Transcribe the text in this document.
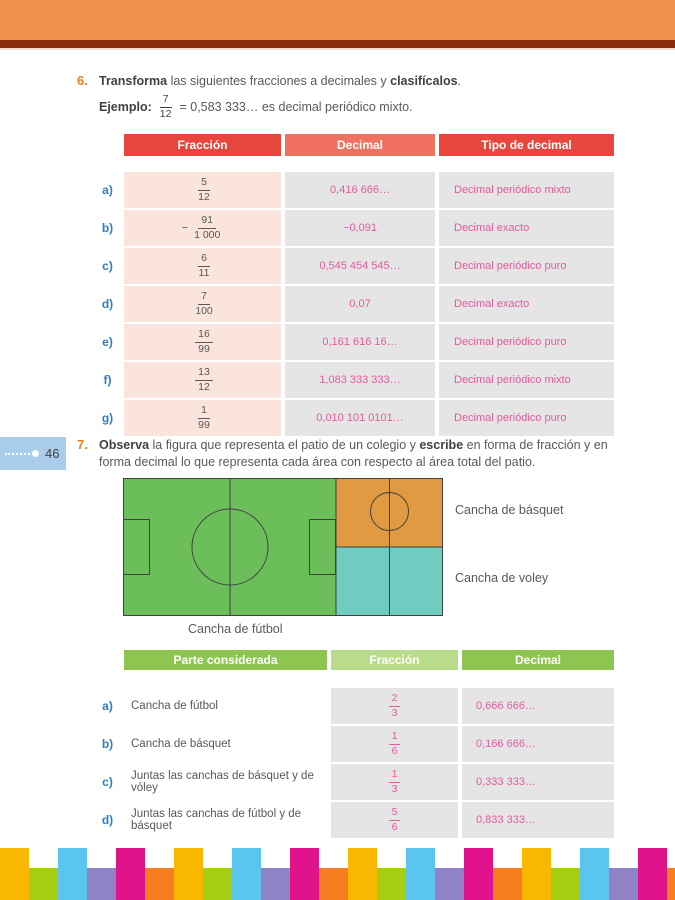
6. Transforma las siguientes fracciones a decimales y clasifícalos.
Ejemplo: $\frac{7}{12} = 0,583$ 333… es decimal periódico mixto.
Fracción	Decimal	Tipo de decimal
a)	$\frac{5}{12}$	0,416 666…	Decimal periódico mixto
b)	− $\frac{91}{1 000}$	−0,091	Decimal exacto
c)	$\frac{6}{11}$	0,545 454 545…	Decimal periódico puro
d)	$\frac{7}{100}$	0,07	Decimal exacto
e)	$\frac{16}{99}$	0,161 616 16…	Decimal periódico puro
f)	$\frac{13}{12}$	1,083 333 333…	Decimal periódico mixto
g)	$\frac{1}{99}$	0,010 101 0101…	Decimal periódico puro
46
7. Observa la figura que representa el patio de un colegio y escribe en forma de fracción y en forma decimal lo que representa cada área con respecto al área total del patio.
Cancha de básquet
Cancha de voley
Cancha de fútbol
Parte considerada	Fracción	Decimal
a)	Cancha de fútbol	$\frac{2}{3}$	0,666 666…
b)	Cancha de básquet	$\frac{1}{6}$	0,166 666…
c)	Juntas las canchas de básquet y de vóley	$\frac{1}{3}$	0,333 333…
d)	Juntas las canchas de fútbol y de básquet	$\frac{5}{6}$	0,833 333…
